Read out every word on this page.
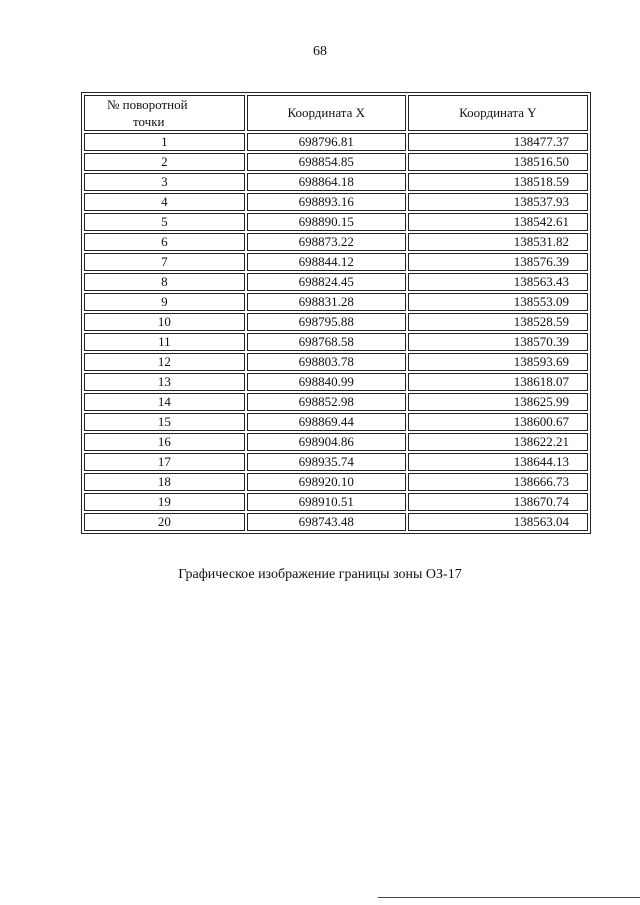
68
№ поворотной
точки	Координата X	Координата Y
1	698796.81	138477.37
2	698854.85	138516.50
3	698864.18	138518.59
4	698893.16	138537.93
5	698890.15	138542.61
6	698873.22	138531.82
7	698844.12	138576.39
8	698824.45	138563.43
9	698831.28	138553.09
10	698795.88	138528.59
11	698768.58	138570.39
12	698803.78	138593.69
13	698840.99	138618.07
14	698852.98	138625.99
15	698869.44	138600.67
16	698904.86	138622.21
17	698935.74	138644.13
18	698920.10	138666.73
19	698910.51	138670.74
20	698743.48	138563.04
Графическое изображение границы зоны ОЗ-17
